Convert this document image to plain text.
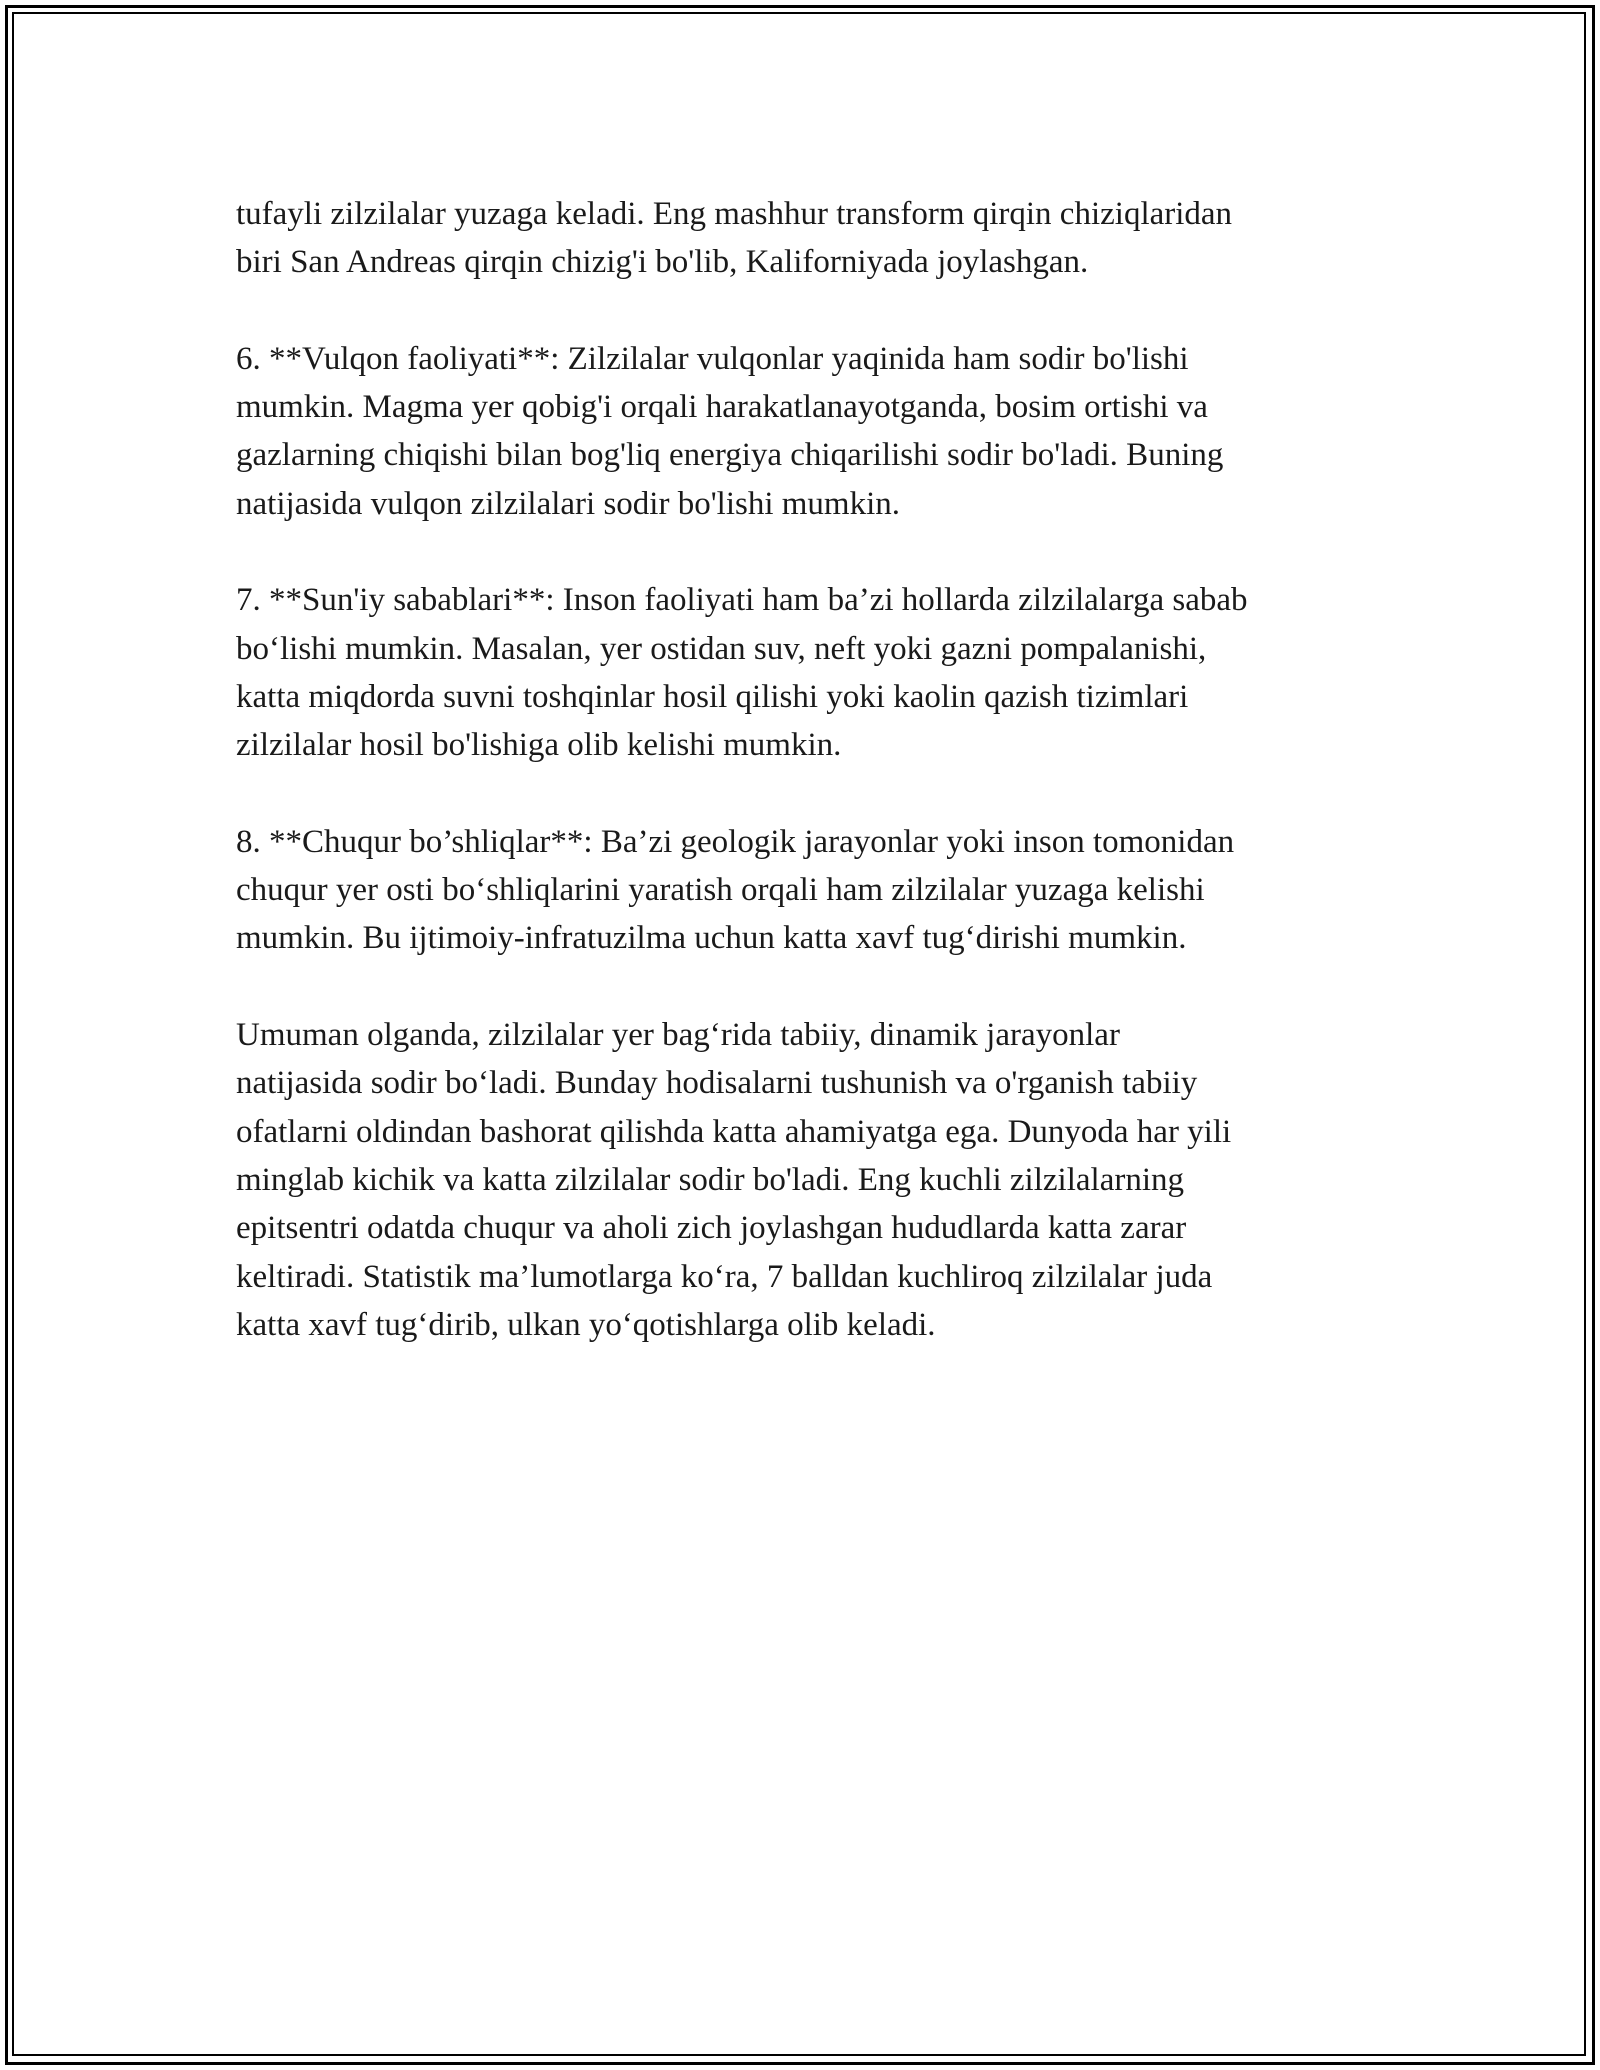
tufayli zilzilalar yuzaga keladi. Eng mashhur transform qirqin chiziqlaridan
biri San Andreas qirqin chizig'i bo'lib, Kaliforniyada joylashgan.

6. **Vulqon faoliyati**: Zilzilalar vulqonlar yaqinida ham sodir bo'lishi
mumkin. Magma yer qobig'i orqali harakatlanayotganda, bosim ortishi va
gazlarning chiqishi bilan bog'liq energiya chiqarilishi sodir bo'ladi. Buning
natijasida vulqon zilzilalari sodir bo'lishi mumkin.

7. **Sun'iy sabablari**: Inson faoliyati ham ba’zi hollarda zilzilalarga sabab
bo‘lishi mumkin. Masalan, yer ostidan suv, neft yoki gazni pompalanishi,
katta miqdorda suvni toshqinlar hosil qilishi yoki kaolin qazish tizimlari
zilzilalar hosil bo'lishiga olib kelishi mumkin.

8. **Chuqur bo’shliqlar**: Ba’zi geologik jarayonlar yoki inson tomonidan
chuqur yer osti bo‘shliqlarini yaratish orqali ham zilzilalar yuzaga kelishi
mumkin. Bu ijtimoiy-infratuzilma uchun katta xavf tug‘dirishi mumkin.

Umuman olganda, zilzilalar yer bag‘rida tabiiy, dinamik jarayonlar
natijasida sodir bo‘ladi. Bunday hodisalarni tushunish va o'rganish tabiiy
ofatlarni oldindan bashorat qilishda katta ahamiyatga ega. Dunyoda har yili
minglab kichik va katta zilzilalar sodir bo'ladi. Eng kuchli zilzilalarning
epitsentri odatda chuqur va aholi zich joylashgan hududlarda katta zarar
keltiradi. Statistik ma’lumotlarga ko‘ra, 7 balldan kuchliroq zilzilalar juda
katta xavf tug‘dirib, ulkan yo‘qotishlarga olib keladi.
